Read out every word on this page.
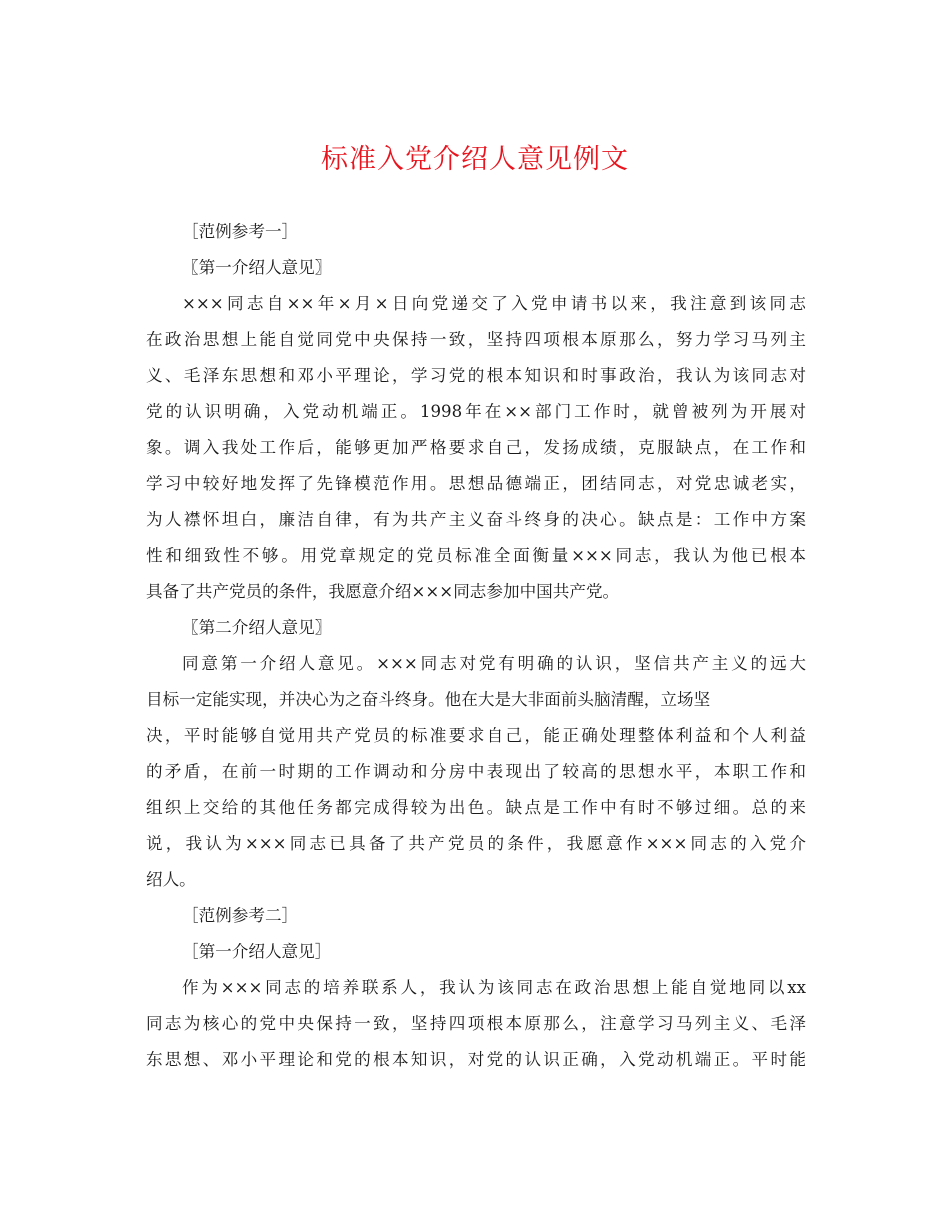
标准入党介绍人意见例文
［范例参考一］
〖第一介绍人意见〗
×××同志自××年×月×日向党递交了入党申请书以来，我注意到该同志
在政治思想上能自觉同党中央保持一致，坚持四项根本原那么，努力学习马列主
义、毛泽东思想和邓小平理论，学习党的根本知识和时事政治，我认为该同志对
党的认识明确，入党动机端正。1998年在××部门工作时，就曾被列为开展对
象。调入我处工作后，能够更加严格要求自己，发扬成绩，克服缺点，在工作和
学习中较好地发挥了先锋模范作用。思想品德端正，团结同志，对党忠诚老实，
为人襟怀坦白，廉洁自律，有为共产主义奋斗终身的决心。缺点是：工作中方案
性和细致性不够。用党章规定的党员标准全面衡量×××同志，我认为他已根本
具备了共产党员的条件，我愿意介绍×××同志参加中国共产党。
〖第二介绍人意见〗
同意第一介绍人意见。×××同志对党有明确的认识，坚信共产主义的远大
目标一定能实现，并决心为之奋斗终身。他在大是大非面前头脑清醒，立场坚
决，平时能够自觉用共产党员的标准要求自己，能正确处理整体利益和个人利益
的矛盾，在前一时期的工作调动和分房中表现出了较高的思想水平，本职工作和
组织上交给的其他任务都完成得较为出色。缺点是工作中有时不够过细。总的来
说，我认为×××同志已具备了共产党员的条件，我愿意作×××同志的入党介
绍人。
［范例参考二］
［第一介绍人意见］
作为×××同志的培养联系人，我认为该同志在政治思想上能自觉地同以xx
同志为核心的党中央保持一致，坚持四项根本原那么，注意学习马列主义、毛泽
东思想、邓小平理论和党的根本知识，对党的认识正确，入党动机端正。平时能
